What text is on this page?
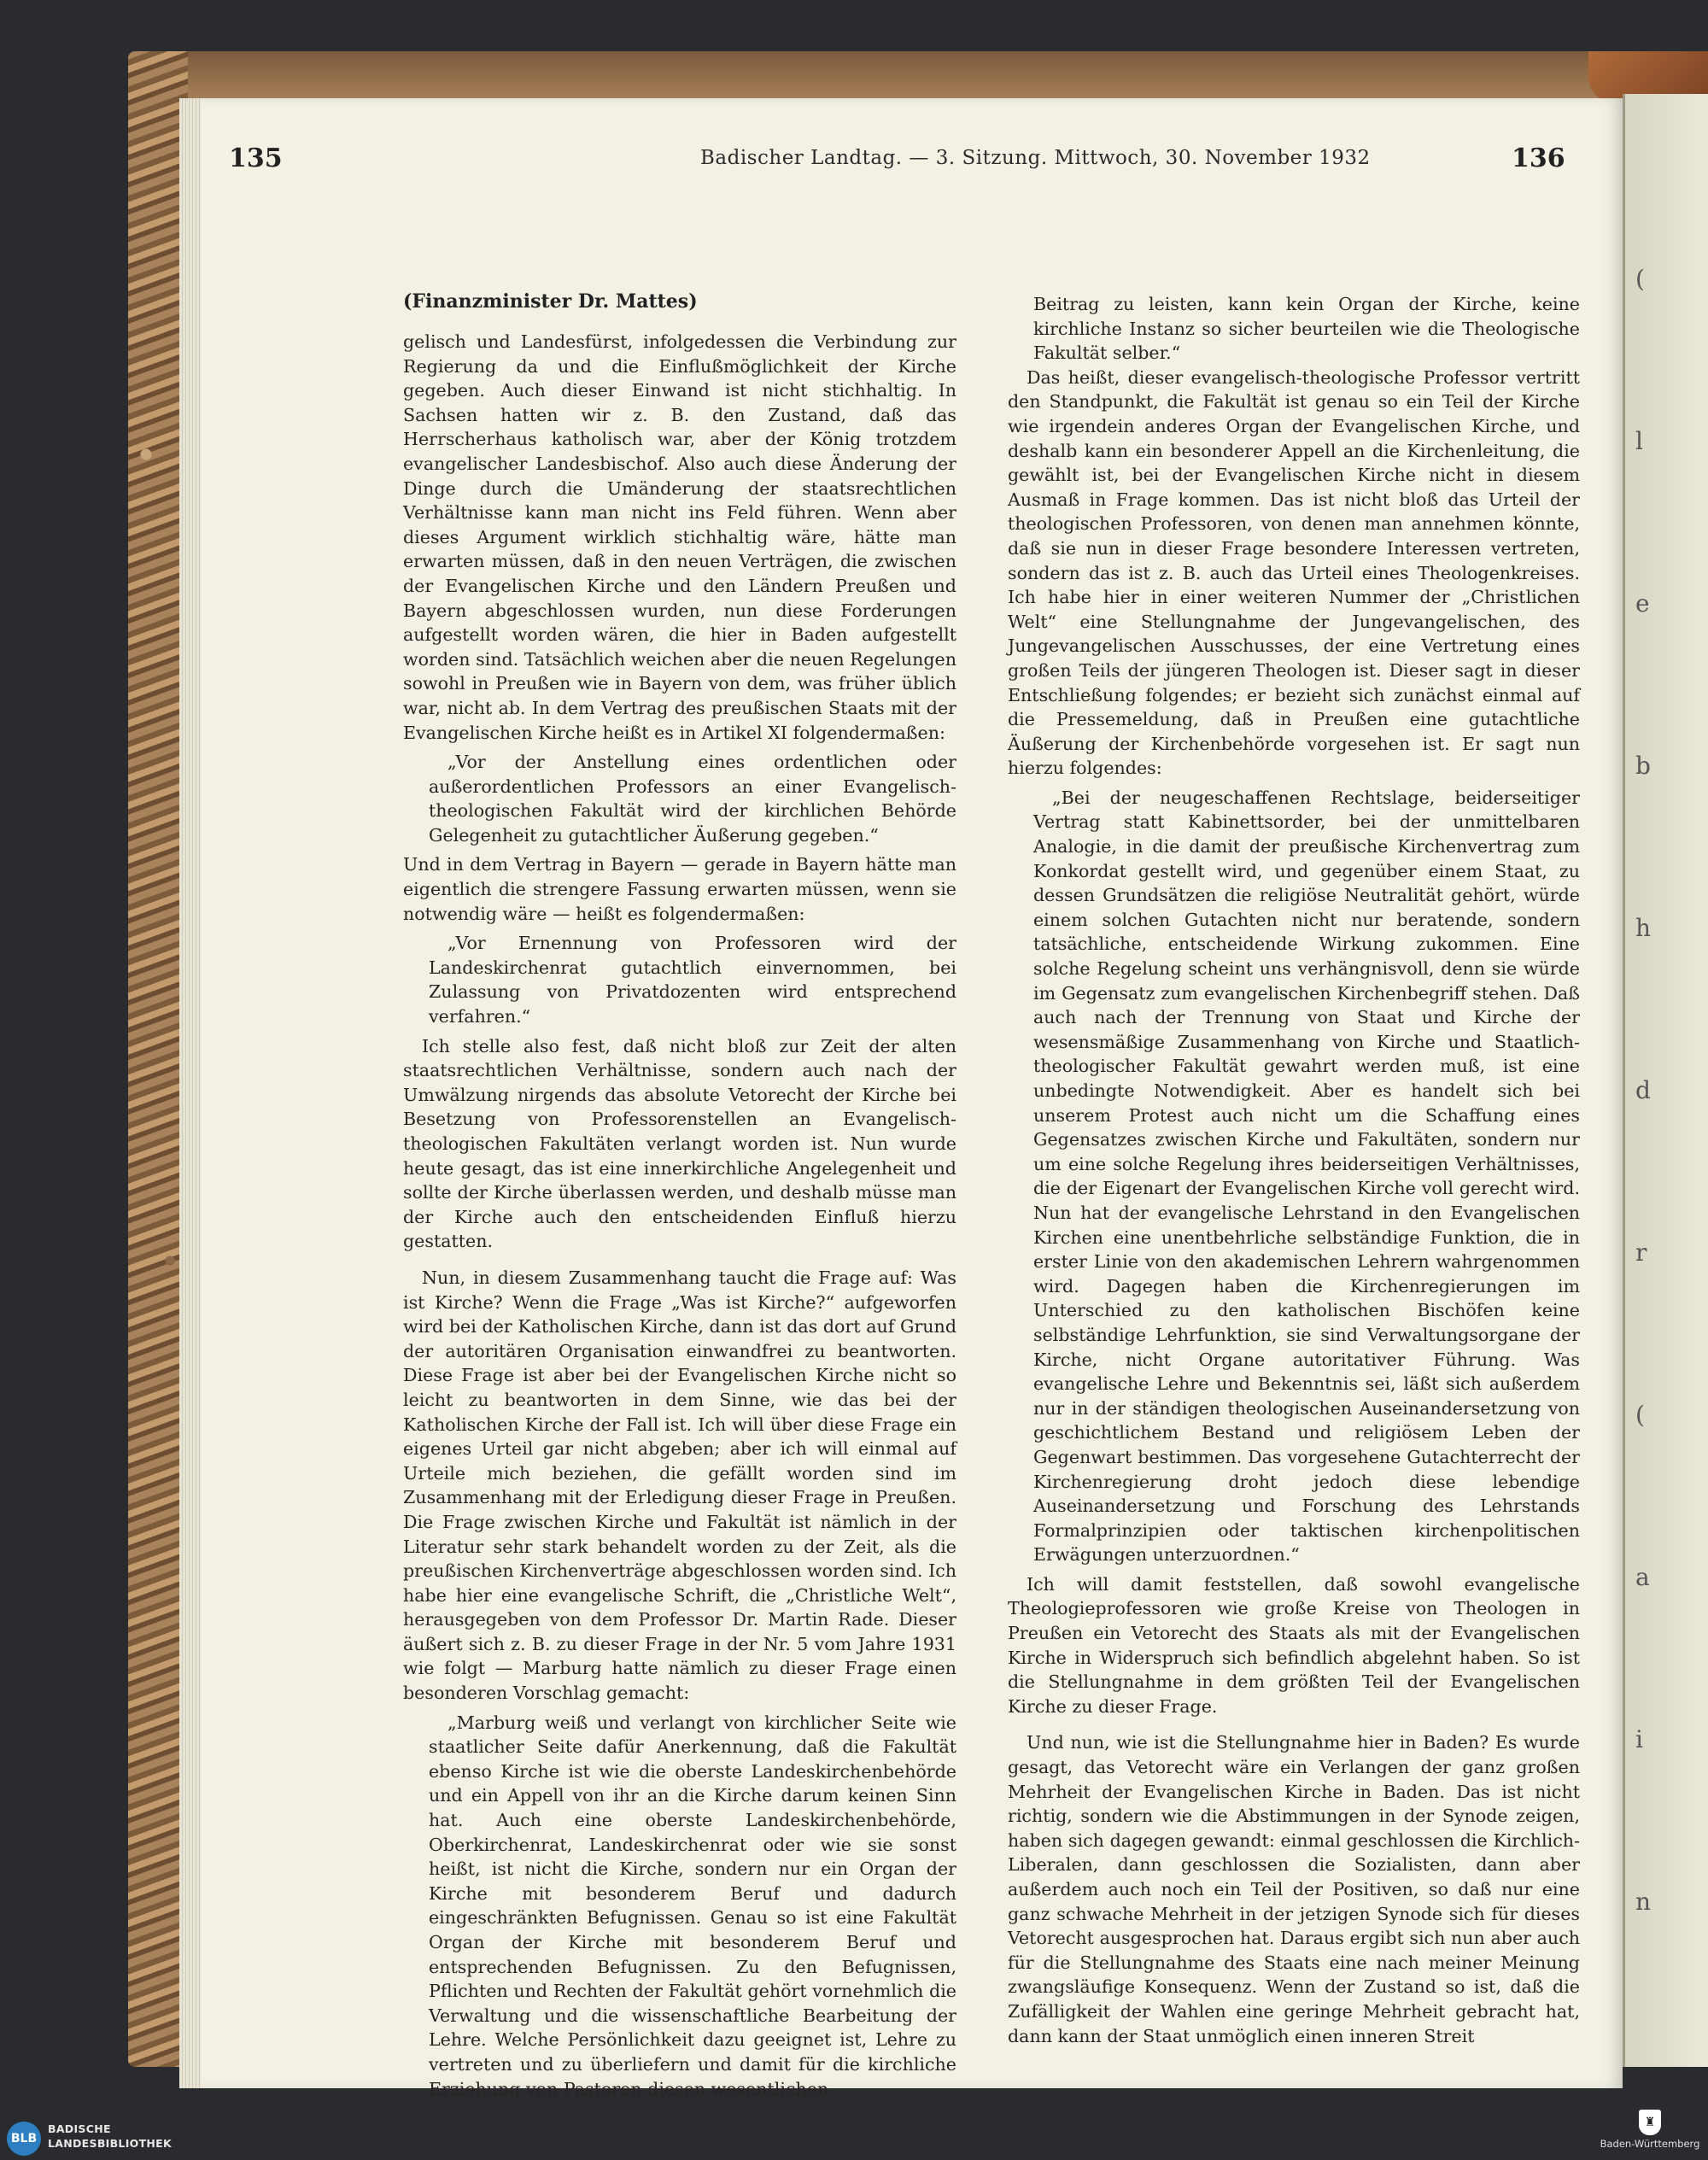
(
l
e
b
h
d
r
(
a
i
n
135	Badischer Landtag. — 3. Sitzung. Mittwoch, 30. November 1932	136
(Finanzminister Dr. Mattes)

gelisch und Landesfürst, infolgedessen die Verbindung zur Regierung da und die Einflußmöglichkeit der Kirche gegeben. Auch dieser Einwand ist nicht stichhaltig. In Sachsen hatten wir z. B. den Zustand, daß das Herrscherhaus katholisch war, aber der König trotzdem evangelischer Landesbischof. Also auch diese Änderung der Dinge durch die Umänderung der staatsrechtlichen Verhältnisse kann man nicht ins Feld führen. Wenn aber dieses Argument wirklich stichhaltig wäre, hätte man erwarten müssen, daß in den neuen Verträgen, die zwischen der Evangelischen Kirche und den Ländern Preußen und Bayern abgeschlossen wurden, nun diese Forderungen aufgestellt worden wären, die hier in Baden aufgestellt worden sind. Tatsächlich weichen aber die neuen Regelungen sowohl in Preußen wie in Bayern von dem, was früher üblich war, nicht ab. In dem Vertrag des preußischen Staats mit der Evangelischen Kirche heißt es in Artikel XI folgendermaßen:

„Vor der Anstellung eines ordentlichen oder außerordentlichen Professors an einer Evangelisch-theologischen Fakultät wird der kirchlichen Behörde Gelegenheit zu gutachtlicher Äußerung gegeben.“

Und in dem Vertrag in Bayern — gerade in Bayern hätte man eigentlich die strengere Fassung erwarten müssen, wenn sie notwendig wäre — heißt es folgendermaßen:

„Vor Ernennung von Professoren wird der Landeskirchenrat gutachtlich einvernommen, bei Zulassung von Privatdozenten wird entsprechend verfahren.“

Ich stelle also fest, daß nicht bloß zur Zeit der alten staatsrechtlichen Verhältnisse, sondern auch nach der Umwälzung nirgends das absolute Vetorecht der Kirche bei Besetzung von Professorenstellen an Evangelisch-theologischen Fakultäten verlangt worden ist. Nun wurde heute gesagt, das ist eine innerkirchliche Angelegenheit und sollte der Kirche überlassen werden, und deshalb müsse man der Kirche auch den entscheidenden Einfluß hierzu gestatten.

Nun, in diesem Zusammenhang taucht die Frage auf: Was ist Kirche? Wenn die Frage „Was ist Kirche?“ aufgeworfen wird bei der Katholischen Kirche, dann ist das dort auf Grund der autoritären Organisation einwandfrei zu beantworten. Diese Frage ist aber bei der Evangelischen Kirche nicht so leicht zu beantworten in dem Sinne, wie das bei der Katholischen Kirche der Fall ist. Ich will über diese Frage ein eigenes Urteil gar nicht abgeben; aber ich will einmal auf Urteile mich beziehen, die gefällt worden sind im Zusammenhang mit der Erledigung dieser Frage in Preußen. Die Frage zwischen Kirche und Fakultät ist nämlich in der Literatur sehr stark behandelt worden zu der Zeit, als die preußischen Kirchenverträge abgeschlossen worden sind. Ich habe hier eine evangelische Schrift, die „Christliche Welt“, herausgegeben von dem Professor Dr. Martin Rade. Dieser äußert sich z. B. zu dieser Frage in der Nr. 5 vom Jahre 1931 wie folgt — Marburg hatte nämlich zu dieser Frage einen besonderen Vorschlag gemacht:

„Marburg weiß und verlangt von kirchlicher Seite wie staatlicher Seite dafür Anerkennung, daß die Fakultät ebenso Kirche ist wie die oberste Landeskirchenbehörde und ein Appell von ihr an die Kirche darum keinen Sinn hat. Auch eine oberste Landeskirchenbehörde, Oberkirchenrat, Landeskirchenrat oder wie sie sonst heißt, ist nicht die Kirche, sondern nur ein Organ der Kirche mit besonderem Beruf und dadurch eingeschränkten Befugnissen. Genau so ist eine Fakultät Organ der Kirche mit besonderem Beruf und entsprechenden Befugnissen. Zu den Befugnissen, Pflichten und Rechten der Fakultät gehört vornehmlich die Verwaltung und die wissenschaftliche Bearbeitung der Lehre. Welche Persönlichkeit dazu geeignet ist, Lehre zu vertreten und zu überliefern und damit für die kirchliche Erziehung von Pastoren diesen wesentlichen

Beitrag zu leisten, kann kein Organ der Kirche, keine kirchliche Instanz so sicher beurteilen wie die Theologische Fakultät selber.“

Das heißt, dieser evangelisch-theologische Professor vertritt den Standpunkt, die Fakultät ist genau so ein Teil der Kirche wie irgendein anderes Organ der Evangelischen Kirche, und deshalb kann ein besonderer Appell an die Kirchenleitung, die gewählt ist, bei der Evangelischen Kirche nicht in diesem Ausmaß in Frage kommen. Das ist nicht bloß das Urteil der theologischen Professoren, von denen man annehmen könnte, daß sie nun in dieser Frage besondere Interessen vertreten, sondern das ist z. B. auch das Urteil eines Theologenkreises. Ich habe hier in einer weiteren Nummer der „Christlichen Welt“ eine Stellungnahme der Jungevangelischen, des Jungevangelischen Ausschusses, der eine Vertretung eines großen Teils der jüngeren Theologen ist. Dieser sagt in dieser Entschließung folgendes; er bezieht sich zunächst einmal auf die Pressemeldung, daß in Preußen eine gutachtliche Äußerung der Kirchenbehörde vorgesehen ist. Er sagt nun hierzu folgendes:

„Bei der neugeschaffenen Rechtslage, beiderseitiger Vertrag statt Kabinettsorder, bei der unmittelbaren Analogie, in die damit der preußische Kirchenvertrag zum Konkordat gestellt wird, und gegenüber einem Staat, zu dessen Grundsätzen die religiöse Neutralität gehört, würde einem solchen Gutachten nicht nur beratende, sondern tatsächliche, entscheidende Wirkung zukommen. Eine solche Regelung scheint uns verhängnisvoll, denn sie würde im Gegensatz zum evangelischen Kirchenbegriff stehen. Daß auch nach der Trennung von Staat und Kirche der wesensmäßige Zusammenhang von Kirche und Staatlich-theologischer Fakultät gewahrt werden muß, ist eine unbedingte Notwendigkeit. Aber es handelt sich bei unserem Protest auch nicht um die Schaffung eines Gegensatzes zwischen Kirche und Fakultäten, sondern nur um eine solche Regelung ihres beiderseitigen Verhältnisses, die der Eigenart der Evangelischen Kirche voll gerecht wird. Nun hat der evangelische Lehrstand in den Evangelischen Kirchen eine unentbehrliche selbständige Funktion, die in erster Linie von den akademischen Lehrern wahrgenommen wird. Dagegen haben die Kirchenregierungen im Unterschied zu den katholischen Bischöfen keine selbständige Lehrfunktion, sie sind Verwaltungsorgane der Kirche, nicht Organe autoritativer Führung. Was evangelische Lehre und Bekenntnis sei, läßt sich außerdem nur in der ständigen theologischen Auseinandersetzung von geschichtlichem Bestand und religiösem Leben der Gegenwart bestimmen. Das vorgesehene Gutachterrecht der Kirchenregierung droht jedoch diese lebendige Auseinandersetzung und Forschung des Lehrstands Formalprinzipien oder taktischen kirchenpolitischen Erwägungen unterzuordnen.“

Ich will damit feststellen, daß sowohl evangelische Theologieprofessoren wie große Kreise von Theologen in Preußen ein Vetorecht des Staats als mit der Evangelischen Kirche in Widerspruch sich befindlich abgelehnt haben. So ist die Stellungnahme in dem größten Teil der Evangelischen Kirche zu dieser Frage.

Und nun, wie ist die Stellungnahme hier in Baden? Es wurde gesagt, das Vetorecht wäre ein Verlangen der ganz großen Mehrheit der Evangelischen Kirche in Baden. Das ist nicht richtig, sondern wie die Abstimmungen in der Synode zeigen, haben sich dagegen gewandt: einmal geschlossen die Kirchlich-Liberalen, dann geschlossen die Sozialisten, dann aber außerdem auch noch ein Teil der Positiven, so daß nur eine ganz schwache Mehrheit in der jetzigen Synode sich für dieses Vetorecht ausgesprochen hat. Daraus ergibt sich nun aber auch für die Stellungnahme des Staats eine nach meiner Meinung zwangsläufige Konsequenz. Wenn der Zustand so ist, daß die Zufälligkeit der Wahlen eine geringe Mehrheit gebracht hat, dann kann der Staat unmöglich einen inneren Streit

BLB
BADISCHE
LANDESBIBLIOTHEK
♜
Baden-Württemberg
